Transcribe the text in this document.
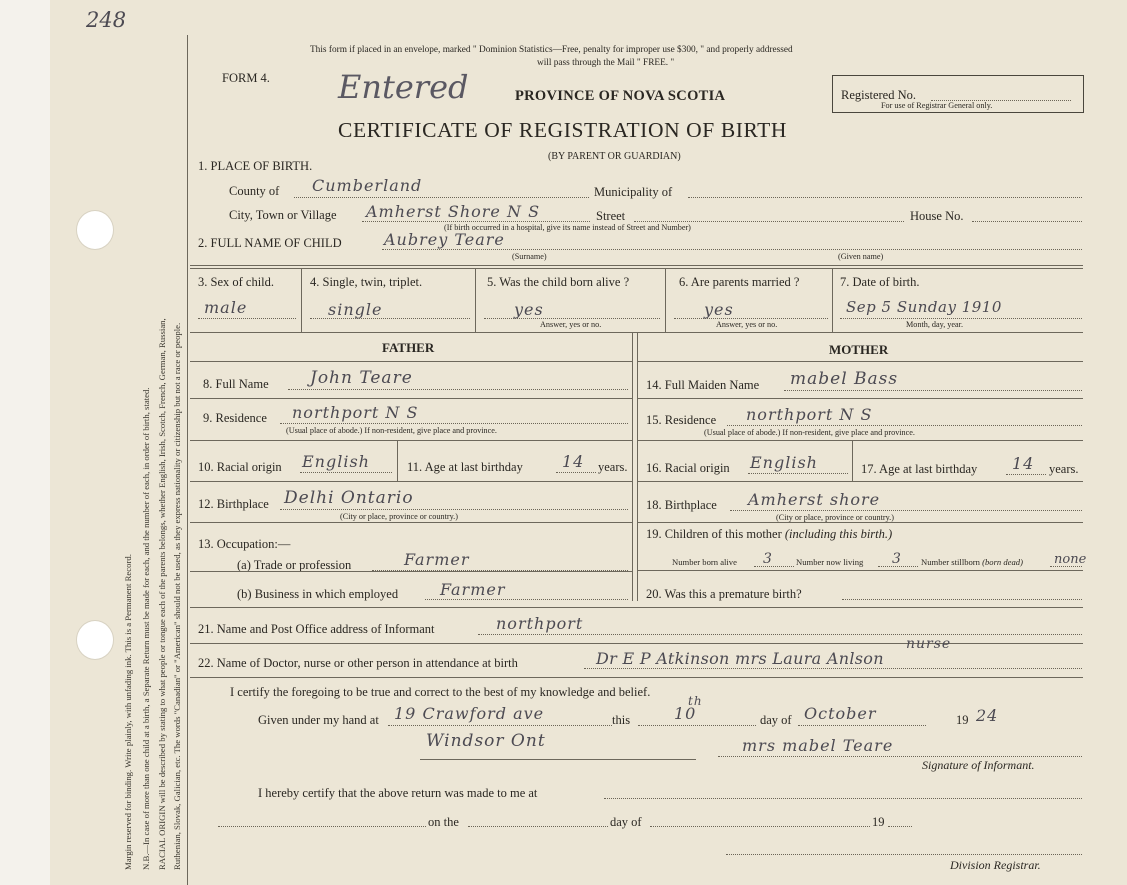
248
Margin reserved for binding. Write plainly, with unfading ink. This is a Permanent Record. N.B.—In case of more than one child at a birth, a Separate Return must be made for each, and the number of each, in order of birth, stated. RACIAL ORIGIN will be described by stating to what people or tongue each of the parents belongs, whether English, Irish, Scotch, French, German, Russian, Ruthenian, Slovak, Galician, etc. The words "Canadian" or "American" should not be used, as they express nationality or citizenship but not a race or people.
This form if placed in an envelope, marked " Dominion Statistics—Free, penalty for improper use $300, " and properly addressed
will pass through the Mail " FREE. "
FORM 4. Entered	PROVINCE OF NOVA SCOTIA	Registered No.
For use of Registrar General only.
CERTIFICATE OF REGISTRATION OF BIRTH
(BY PARENT OR GUARDIAN)
1. PLACE OF BIRTH.
County of Cumberland	Municipality of
City, Town or Village Amherst Shore N S	Street	House No.
(If birth occurred in a hospital, give its name instead of Street and Number)
2. FULL NAME OF CHILD	Aubrey Teare
(Surname)	(Given name)
3. Sex of child.
male
4. Single, twin, triplet.
single
5. Was the child born alive ?
yes
Answer, yes or no.
6. Are parents married ?
yes
Answer, yes or no.
7. Date of birth.
Sep 5 Sunday 1910
Month, day, year.
FATHER	MOTHER
8. Full Name John Teare	14. Full Maiden Name mabel Bass
9. Residence northport N S
(Usual place of abode.) If non-resident, give place and province.
15. Residence northport N S
(Usual place of abode.) If non-resident, give place and province.
10. Racial origin English	11. Age at last birthday 14 years. 16. Racial origin English	17. Age at last birthday 14 years.
12. Birthplace Delhi Ontario
(City or place, province or country.)
18. Birthplace Amherst shore
(City or place, province or country.)
13. Occupation:—
(a) Trade or profession	Farmer
(b) Business in which employed	Farmer
19. Children of this mother (including this birth.)
Number born alive 3	Number now living 3 Number stillborn (born dead) none
20. Was this a premature birth?
21. Name and Post Office address of Informant	northport
22. Name of Doctor, nurse or other person in attendance at birth	Dr E P Atkinson mrs Laura Anlson
nurse
I certify the foregoing to be true and correct to the best of my knowledge and belief.
Given under my hand at 19 Crawford ave	this	10
th
day of October	19 24
Windsor Ont	mrs mabel Teare
Signature of Informant.
I hereby certify that the above return was made to me at
on the	day of	19
Division Registrar.
